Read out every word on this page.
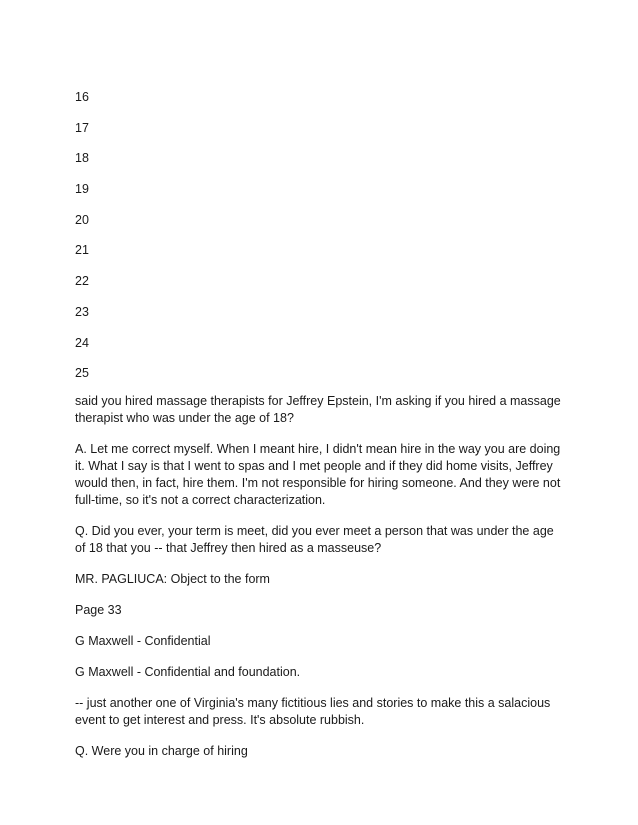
16

17

18

19

20

21

22

23

24

25

said you hired massage therapists for Jeffrey Epstein, I'm asking if you hired a massage therapist who was under the age of 18?

A. Let me correct myself. When I meant hire, I didn't mean hire in the way you are doing it. What I say is that I went to spas and I met people and if they did home visits, Jeffrey would then, in fact, hire them. I'm not responsible for hiring someone. And they were not full-time, so it's not a correct characterization.

Q. Did you ever, your term is meet, did you ever meet a person that was under the age of 18 that you -- that Jeffrey then hired as a masseuse?

MR. PAGLIUCA: Object to the form

Page 33

G Maxwell - Confidential

G Maxwell - Confidential and foundation.

-- just another one of Virginia's many fictitious lies and stories to make this a salacious event to get interest and press. It's absolute rubbish.

Q. Were you in charge of hiring
